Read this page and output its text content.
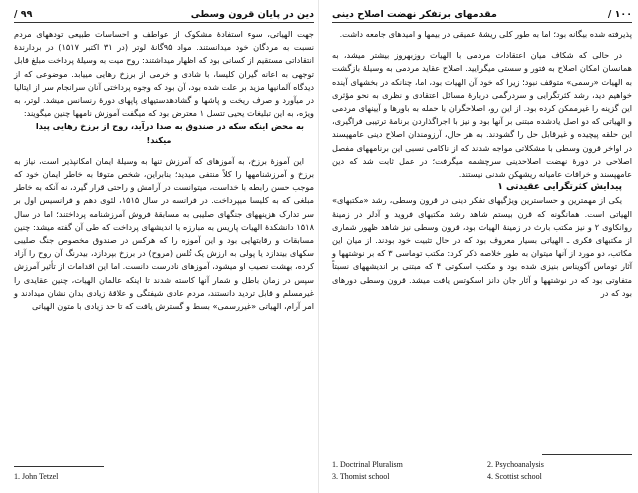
دین در پایان قرون وسطی
۹۹ /

جهت الهیاتی، سوء استفادهٔ مشکوک از عواطف و احساسات طبیعی تودههای مردم نسبت به مردگان خود میدانستند. مواد ۹۵گانهٔ لوتر (در ۳۱ اکتبر ۱۵۱۷) در بردارندهٔ انتقاداتی مستقیم از کسانی بود که اظهار میداشتند: روح میت به وسیلهٔ پرداخت مبلغ قابل توجهی به اعانه گیران کلیسا، با شادی و خرمی از برزخ رهایی مییابد. موضوعی که از دیدگاه آلمانیها مزید بر علت شده بود، آن بود که وجوه پرداختی آنان سرانجام سر از ایتالیا در میآورد و صرف ریخت و پاشها و گشادهدستیهای پاپهای دورهٔ رنسانس میشد. لوتر، به ویژه، به این تبلیغات یحیی تتسل ۱ معترض بود که میگفت آموزش نامهها چنین میگویند:

به محض اینکه سکه در صندوق به صدا درآید، روح از برزخ رهایی پیدا

میکند!

این آموزهٔ برزخ، به آموزهای که آمرزش تنها به وسیلهٔ ایمان امکانپذیر است، نیاز به برزخ و آمرزشنامهها را کلاً منتفی میدید؛ بنابراین، شخص متوفا به خاطر ایمان خود که موجب حسن رابطه با خداست، میتوانست در آرامش و راحتی قرار گیرد، نه آنکه به خاطر مبلغی که به کلیسا میپرداخت. در فرانسه در سال ۱۵۱۵، لئوی دهم و فرانسیس اول بر سر تدارک هزینههای جنگهای صلیبی به مسابقهٔ فروش آمرزشنامه پرداختند؛ اما در سال ۱۵۱۸ دانشکدهٔ الهیات پاریس به مبارزه با اندیشهای پرداخت که طی آن گفته میشد: چنین مسابقات و رقابتهایی بود و این آموزه را که هرکس در صندوق مخصوص جنگ صلیبی سکهای بیندازد یا پولی به ارزش یک تُلس (مروح) در برزخ بپردازد، بیدرنگ آن روح را آزاد کرده، بهشت نصیب او میشود، آموزهای نادرست دانست. اما این اقدامات از تأثیر آمرزش سپس در زمان باطل و شمار آنها کاسته شدند تا اینکه عالمان الهیات، چنین عقایدی را غیرمسلم و قابل تردید دانستند، مردم عادی شیفتگی و علاقهٔ زیادی بدان نشان میدادند و امر آرام، الهیاتی «غیررسمی» بسط و گسترش یافت که تا حد زیادی با متون الهیاتی

1. John Tetzel
۱۰۰ /
مقدمهای برتفکر نهضت اصلاح دینی

پذیرفته شده بیگانه بود؛ اما به طور کلی ریشهٔ عمیقی در بیمها و امیدهای جامعه داشت.

در حالی که شکاف میان اعتقادات مردمی با الهیات روزبهروز بیشتر میشد، به همانسان امکان اصلاح به فتور و سستی میگرایید. اصلاح عقاید مردمی به وسیلهٔ بازگشت به الهیات «رسمی» متوقف نبود؛ زیرا که خود آن الهیات بود، اما، چنانکه در بخشهای آینده خواهیم دید، رشد کثرتگرایی و سردرگمی دربارهٔ مسائل اعتقادی و نظری به نحو مؤثری این گزینه را غیرممکن کرده بود. از این رو، اصلاحگران با حمله به باورها و آیینهای مردمی و الهیاتی که دو اصل یادشده مبتنی بر آنها بود و نیز با اجراگذاردن برنامهٔ ترتیبی فراگیری، این حلقه پیچیده و غیرقابل حل را گشودند. به هر حال، آرزومندان اصلاح دینی عامهپسند در اواخر قرون وسطی با مشکلاتی مواجه شدند که از ناکامی نسبی این برنامههای مفصل اصلاحی در دورهٔ نهضت اصلاحدینی سرچشمه میگرفت؛ در عمل ثابت شد که دین عامهپسند و خرافات عامیانه ریشهکن شدنی نیستند.

پیدایش کثرتگرایی عقیدتی ۱

یکی از مهمترین و حساسترین ویژگیهای تفکر دینی در قرون وسطی، رشد «مکتبهای» الهیاتی است. همانگونه که قرن بیستم شاهد رشد مکتبهای فروید و آدلر در زمینهٔ روانکاوی ۲ و نیز مکتب بارث در زمینهٔ الهیات بود، قرون وسطی نیز شاهد ظهور شماری از مکتبهای فکری ـ الهیاتی بسیار معروف بود که در حال تثبیت خود بودند. از میان این مکاتب، دو مورد از آنها میتوان به طور خلاصه ذکر کرد: مکتب توماسی ۳ که بر نوشتهها و آثار توماس آکویناس بنیزی شده بود و مکتب اسکوتی ۴ که مبتنی بر اندیشههای نسبتاً متفاوتی بود که در نوشتهها و آثار جان دانز اسکوتس یافت میشد. قرون وسطی دورهای بود که در

1. Doctrinal Pluralism	2. Psychoanalysis
3. Thomist school	4. Scottist school
